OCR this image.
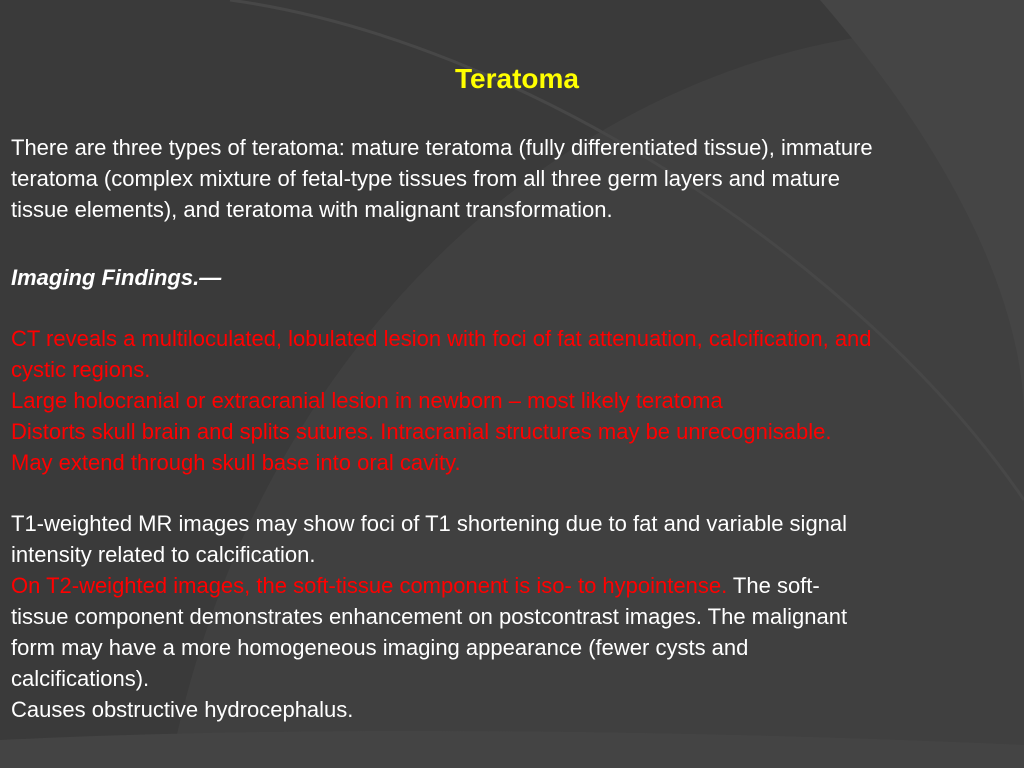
Teratoma
There are three types of teratoma: mature teratoma (fully differentiated tissue), immature
teratoma (complex mixture of fetal-type tissues from all three germ layers and mature
tissue elements), and teratoma with malignant transformation.
Imaging Findings.—
CT reveals a multiloculated, lobulated lesion with foci of fat attenuation, calcification, and
cystic regions.
Large holocranial or extracranial lesion in newborn – most likely teratoma
Distorts skull brain and splits sutures. Intracranial structures may be unrecognisable.
May extend through skull base into oral cavity.
T1-weighted MR images may show foci of T1 shortening due to fat and variable signal
intensity related to calcification.
On T2-weighted images, the soft-tissue component is iso- to hypointense. The soft-
tissue component demonstrates enhancement on postcontrast images. The malignant
form may have a more homogeneous imaging appearance (fewer cysts and
calcifications).
Causes obstructive hydrocephalus.
